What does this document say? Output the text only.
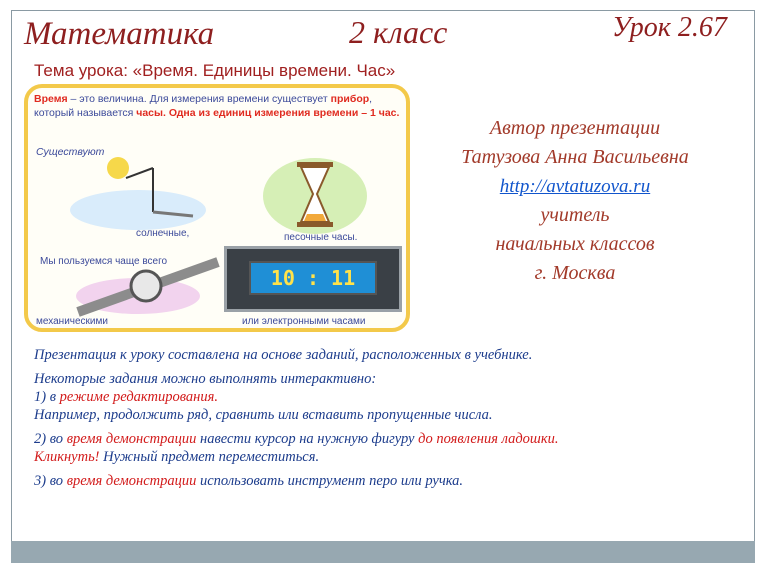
Математика	2 класс	Урок 2.67
Тема урока: «Время. Единицы времени. Час»
Время – это величина. Для измерения времени существует прибор, который называется часы. Одна из единиц измерения времени – 1 час.
Существуют
солнечные,	песочные часы.
Мы пользуемся чаще всего
механическими
10 : 11
или электронными часами
Автор презентации
Татузова Анна Васильевна
http://avtatuzova.ru
учитель
начальных классов
г. Москва

Презентация к уроку составлена на основе заданий, расположенных в учебнике.

Некоторые задания можно выполнять интерактивно:

1) в режиме редактирования.

Например, продолжить ряд, сравнить или вставить пропущенные числа.

2) во время демонстрации навести курсор на нужную фигуру до появления ладошки.

Кликнуть! Нужный предмет переместиться.

3) во время демонстрации использовать инструмент перо или ручка.
